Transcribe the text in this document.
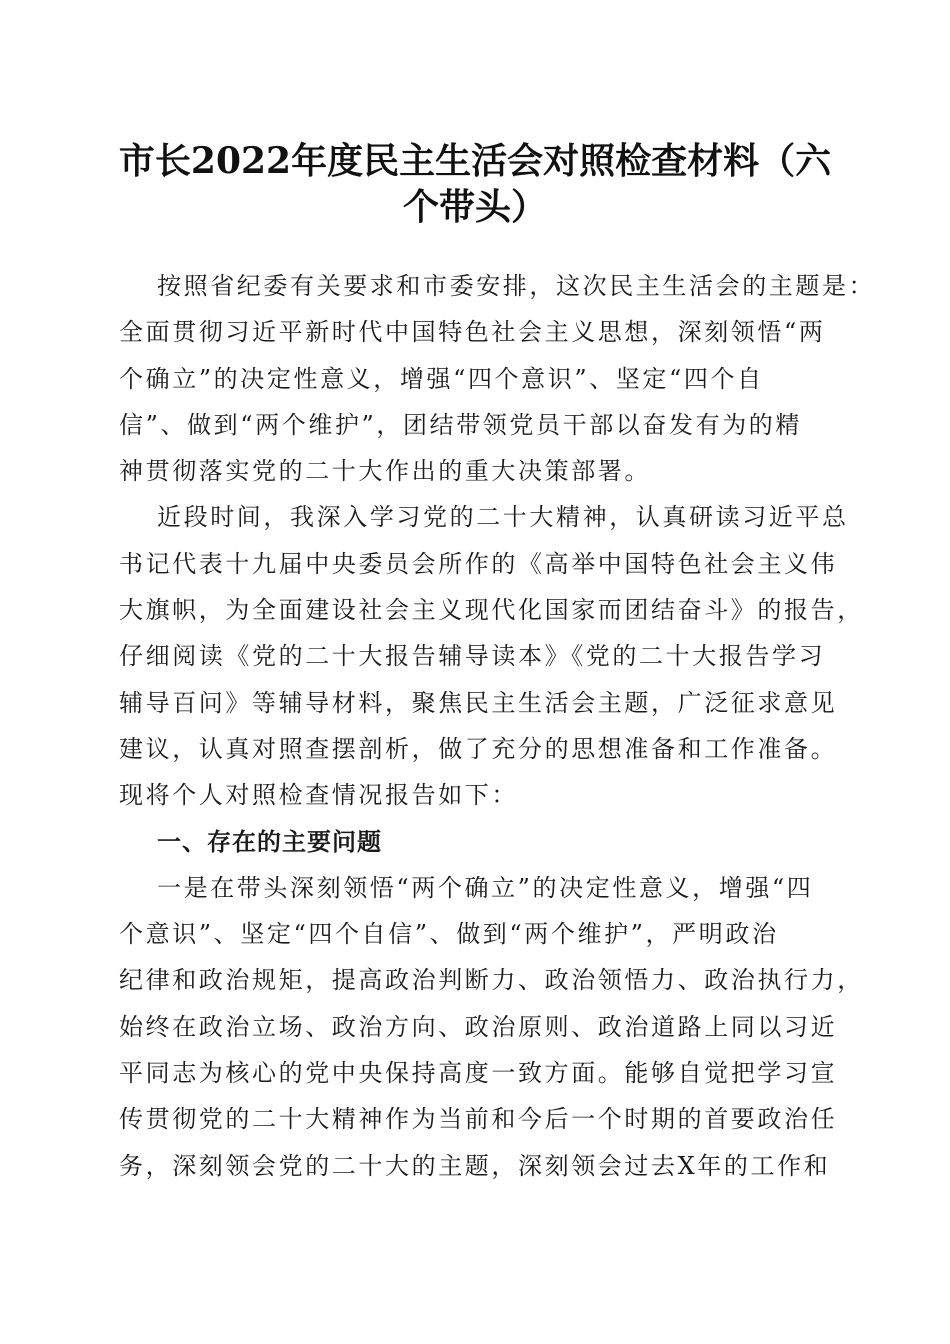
市长2022年度民主生活会对照检查材料（六
个带头）
按照省纪委有关要求和市委安排，这次民主生活会的主题是：
全面贯彻习近平新时代中国特色社会主义思想，深刻领悟“两
个确立”的决定性意义，增强“四个意识”、坚定“四个自
信”、做到“两个维护”，团结带领党员干部以奋发有为的精
神贯彻落实党的二十大作出的重大决策部署。
近段时间，我深入学习党的二十大精神，认真研读习近平总
书记代表十九届中央委员会所作的《高举中国特色社会主义伟
大旗帜，为全面建设社会主义现代化国家而团结奋斗》的报告，
仔细阅读《党的二十大报告辅导读本》《党的二十大报告学习
辅导百问》等辅导材料，聚焦民主生活会主题，广泛征求意见
建议，认真对照查摆剖析，做了充分的思想准备和工作准备。
现将个人对照检查情况报告如下：
一、存在的主要问题
一是在带头深刻领悟“两个确立”的决定性意义，增强“四
个意识”、坚定“四个自信”、做到“两个维护”，严明政治
纪律和政治规矩，提高政治判断力、政治领悟力、政治执行力，
始终在政治立场、政治方向、政治原则、政治道路上同以习近
平同志为核心的党中央保持高度一致方面。能够自觉把学习宣
传贯彻党的二十大精神作为当前和今后一个时期的首要政治任
务，深刻领会党的二十大的主题，深刻领会过去X年的工作和
